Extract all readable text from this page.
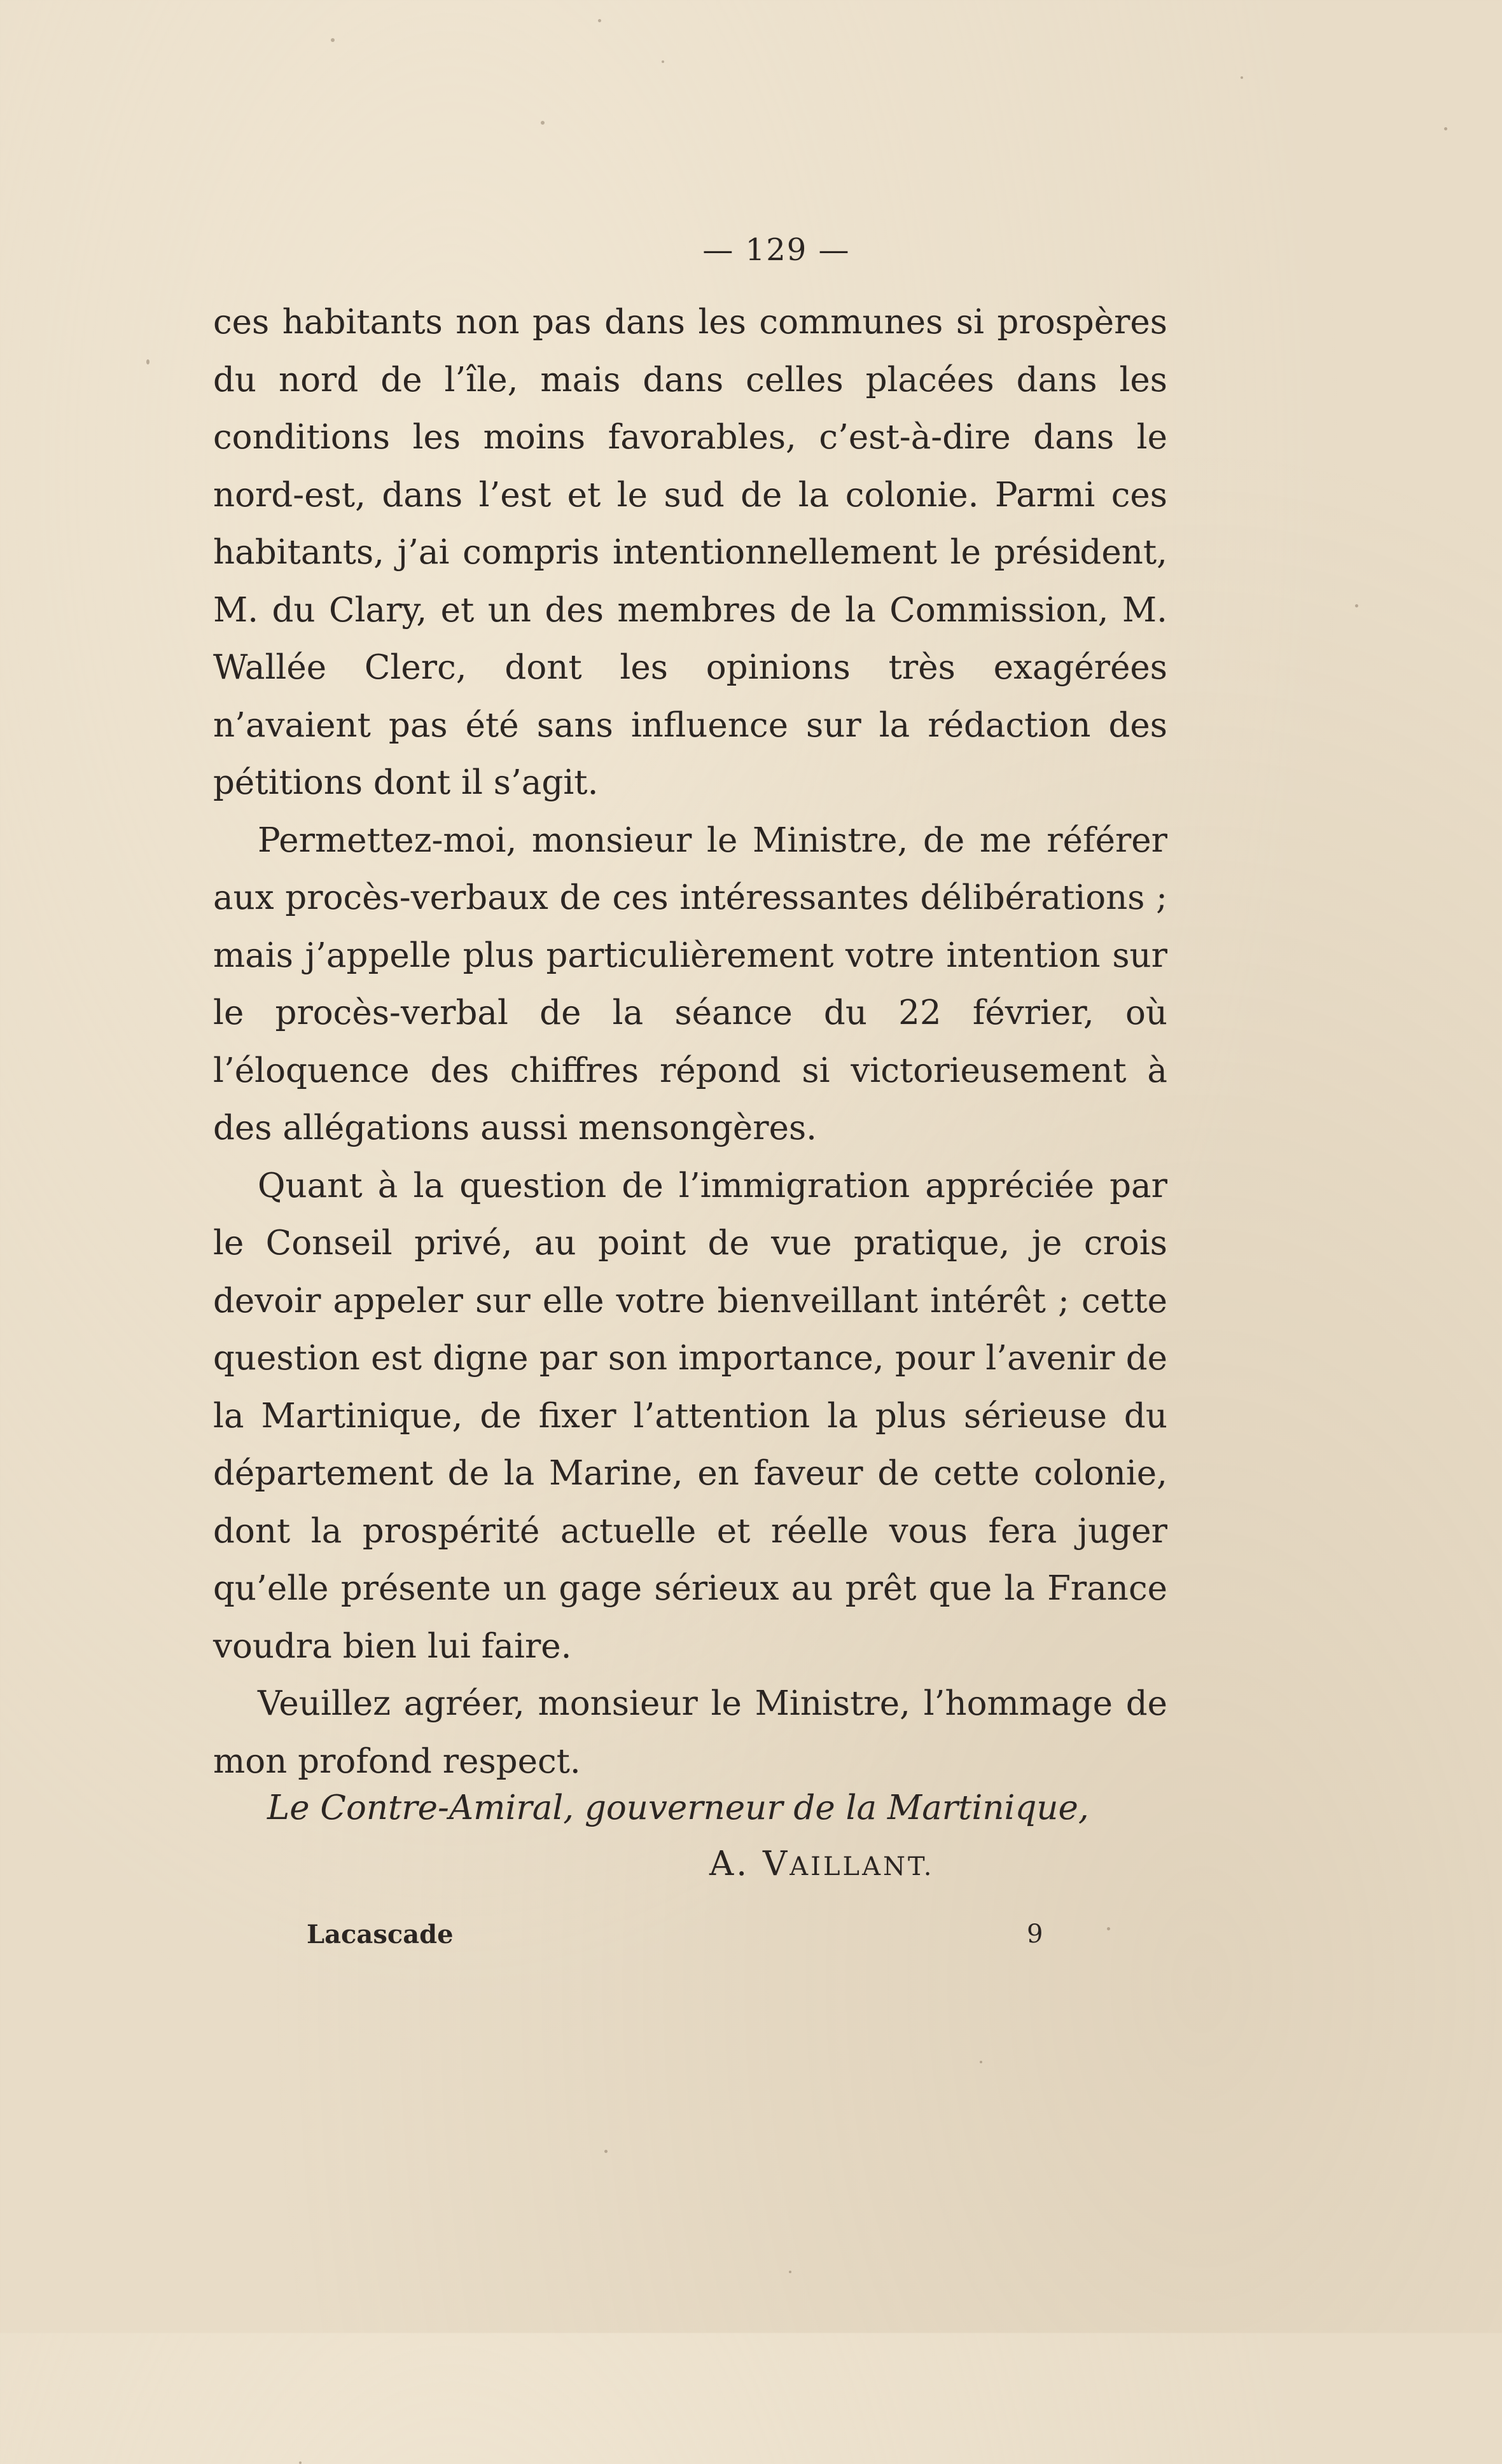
— 129 —

ces habitants non pas dans les communes si prospères du nord de l’île, mais dans celles placées dans les conditions les moins favorables, c’est-à-dire dans le nord-est, dans l’est et le sud de la colonie. Parmi ces habitants, j’ai compris intentionnellement le président, M. du Clary, et un des membres de la Commission, M. Wallée Clerc, dont les opinions très exagérées n’avaient pas été sans influence sur la rédaction des pétitions dont il s’agit.

Permettez-moi, monsieur le Ministre, de me référer aux procès-verbaux de ces intéressantes délibérations ; mais j’appelle plus particulièrement votre intention sur le procès-verbal de la séance du 22 février, où l’éloquence des chiffres répond si victorieusement à des allégations aussi mensongères.

Quant à la question de l’immigration appréciée par le Conseil privé, au point de vue pratique, je crois devoir appeler sur elle votre bienveillant intérêt ; cette question est digne par son importance, pour l’avenir de la Martinique, de fixer l’attention la plus sérieuse du département de la Marine, en faveur de cette colonie, dont la prospérité actuelle et réelle vous fera juger qu’elle présente un gage sérieux au prêt que la France voudra bien lui faire.

Veuillez agréer, monsieur le Ministre, l’hommage de mon profond respect.

Le Contre-Amiral, gouverneur de la Martinique,
A. VAILLANT.
Lacascade	9
